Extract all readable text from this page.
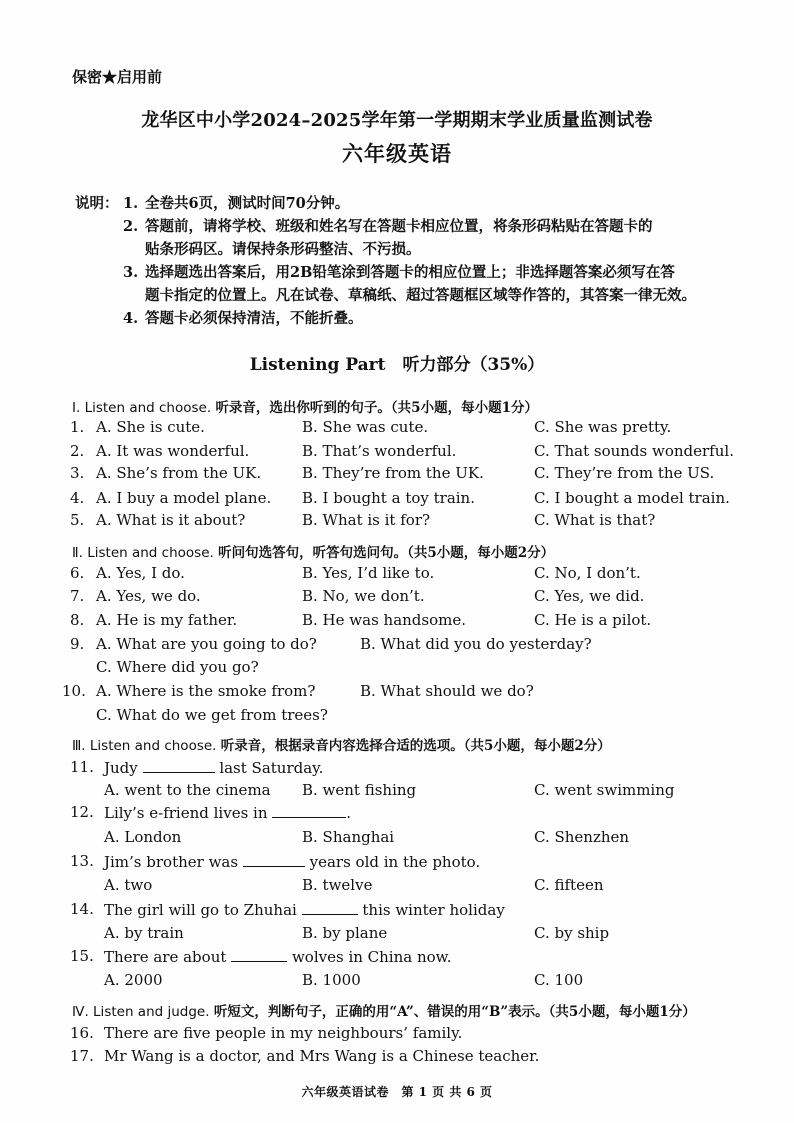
保密★启用前
龙华区中小学2024–2025学年第一学期期末学业质量监测试卷
六年级英语
说明： 1. 全卷共6页，测试时间70分钟。
2. 答题前，请将学校、班级和姓名写在答题卡相应位置，将条形码粘贴在答题卡的
贴条形码区。请保持条形码整洁、不污损。
3. 选择题选出答案后，用2B铅笔涂到答题卡的相应位置上；非选择题答案必须写在答
题卡指定的位置上。凡在试卷、草稿纸、超过答题框区域等作答的，其答案一律无效。
4. 答题卡必须保持清洁，不能折叠。
Listening Part　听力部分（35%）
Ⅰ. Listen and choose. 听录音，选出你听到的句子。（共5小题，每小题1分）
1. A. She is cute.	B. She was cute.	C. She was pretty.
2. A. It was wonderful.	B. That’s wonderful.	C. That sounds wonderful.
3. A. She’s from the UK.	B. They’re from the UK.	C. They’re from the US.
4. A. I buy a model plane. B. I bought a toy train.	C. I bought a model train.
5. A. What is it about?	B. What is it for?	C. What is that?
Ⅱ. Listen and choose. 听问句选答句，听答句选问句。（共5小题，每小题2分）
6. A. Yes, I do.	B. Yes, I’d like to.	C. No, I don’t.
7. A. Yes, we do.	B. No, we don’t.	C. Yes, we did.
8. A. He is my father.	B. He was handsome.	C. He is a pilot.
9. A. What are you going to do?	B. What did you do yesterday?
C. Where did you go?
10. A. Where is the smoke from?	B. What should we do?
C. What do we get from trees?
Ⅲ. Listen and choose. 听录音，根据录音内容选择合适的选项。（共5小题，每小题2分）
11. Judy	last Saturday.
A. went to the cinema B. went fishing	C. went swimming
12. Lily’s e-friend lives in	.
A. London	B. Shanghai	C. Shenzhen
13. Jim’s brother was	years old in the photo.
A. two	B. twelve	C. fifteen
14. The girl will go to Zhuhai	this winter holiday
A. by train	B. by plane	C. by ship
15. There are about	wolves in China now.
A. 2000	B. 1000	C. 100
Ⅳ. Listen and judge. 听短文，判断句子，正确的用“A”、错误的用“B”表示。（共5小题，每小题1分）
16. There are five people in my neighbours’ family.
17. Mr Wang is a doctor, and Mrs Wang is a Chinese teacher.
六年级英语试卷　第 1 页 共 6 页
